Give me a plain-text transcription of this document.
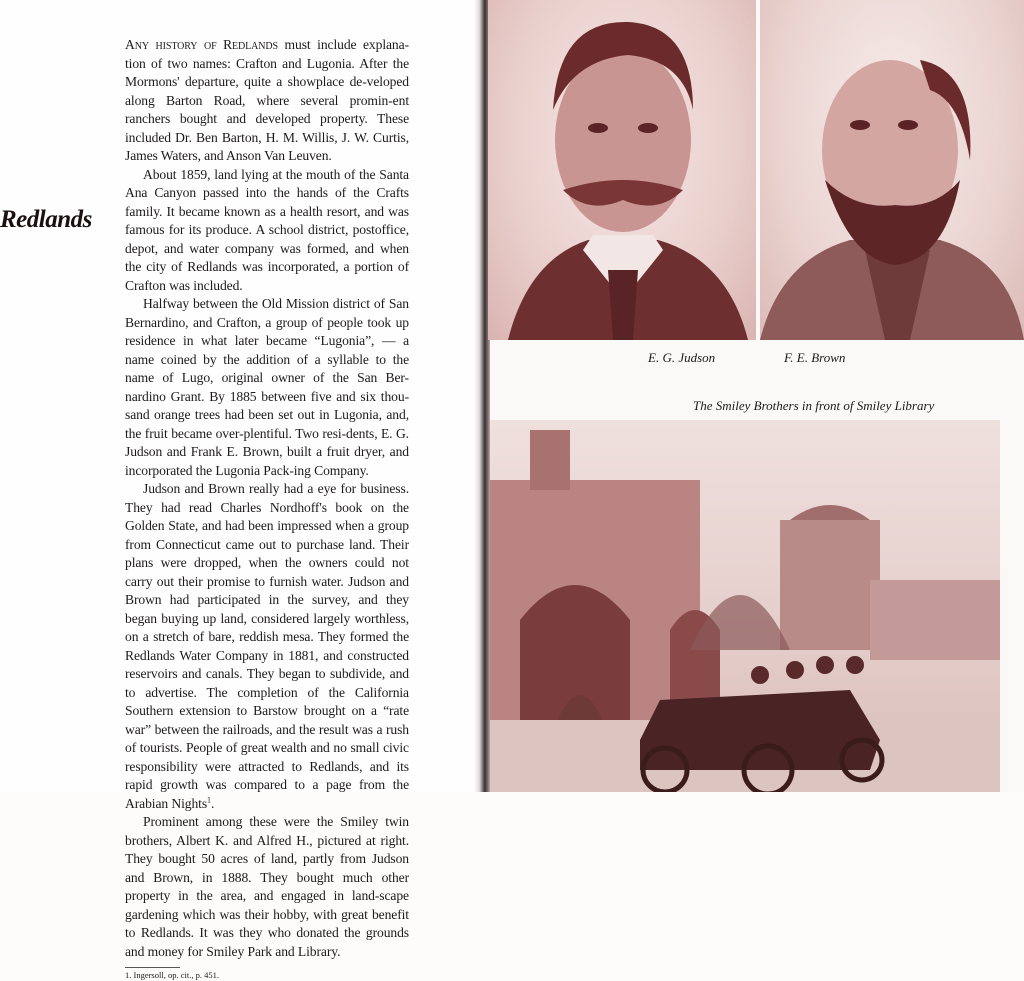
Redlands

Any history of Redlands must include explana-tion of two names: Crafton and Lugonia. After the Mormons' departure, quite a showplace de-veloped along Barton Road, where several promin-ent ranchers bought and developed property. These included Dr. Ben Barton, H. M. Willis, J. W. Curtis, James Waters, and Anson Van Leuven.

About 1859, land lying at the mouth of the Santa Ana Canyon passed into the hands of the Crafts family. It became known as a health resort, and was famous for its produce. A school district, postoffice, depot, and water company was formed, and when the city of Redlands was incorporated, a portion of Crafton was included.

Halfway between the Old Mission district of San Bernardino, and Crafton, a group of people took up residence in what later became “Lugonia”, — a name coined by the addition of a syllable to the name of Lugo, original owner of the San Ber-nardino Grant. By 1885 between five and six thou-sand orange trees had been set out in Lugonia, and, the fruit became over-plentiful. Two resi-dents, E. G. Judson and Frank E. Brown, built a fruit dryer, and incorporated the Lugonia Pack-ing Company.

Judson and Brown really had a eye for business. They had read Charles Nordhoff's book on the Golden State, and had been impressed when a group from Connecticut came out to purchase land. Their plans were dropped, when the owners could not carry out their promise to furnish water. Judson and Brown had participated in the survey, and they began buying up land, considered largely worthless, on a stretch of bare, reddish mesa. They formed the Redlands Water Company in 1881, and constructed reservoirs and canals. They began to subdivide, and to advertise. The completion of the California Southern extension to Barstow brought on a “rate war” between the railroads, and the result was a rush of tourists. People of great wealth and no small civic responsibility were attracted to Redlands, and its rapid growth was compared to a page from the Arabian Nights$^1$.

Prominent among these were the Smiley twin brothers, Albert K. and Alfred H., pictured at right. They bought 50 acres of land, partly from Judson and Brown, in 1888. They bought much other property in the area, and engaged in land-scape gardening which was their hobby, with great benefit to Redlands. It was they who donated the grounds and money for Smiley Park and Library.

1. Ingersoll, op. cit., p. 451.
E. G. Judson	F. E. Brown
The Smiley Brothers in front of Smiley Library
